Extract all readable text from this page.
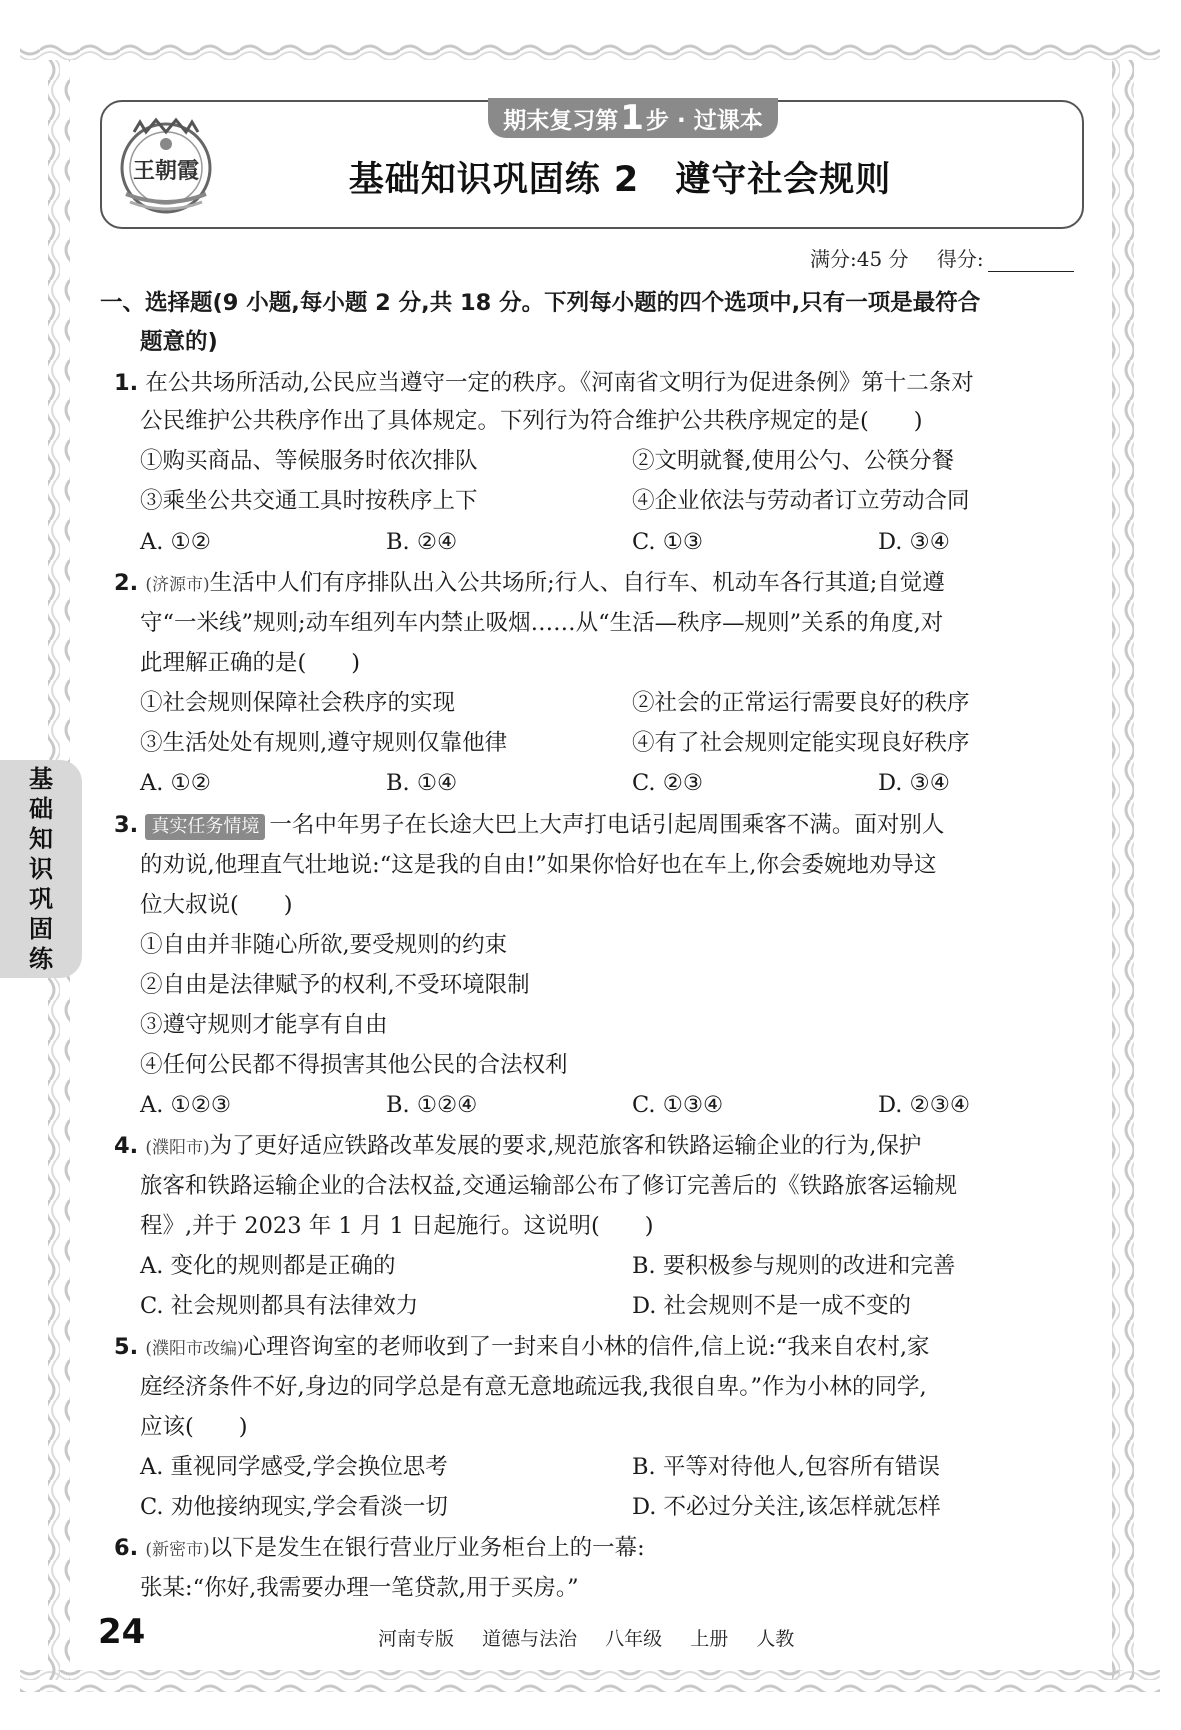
王朝霞
期末复习第 1 步 · 过课本
基础知识巩固练 2　遵守社会规则
满分:45 分 得分:
一、选择题(9 小题,每小题 2 分,共 18 分。下列每小题的四个选项中,只有一项是最符合
题意的)
1. 在公共场所活动,公民应当遵守一定的秩序。《河南省文明行为促进条例》第十二条对
公民维护公共秩序作出了具体规定。下列行为符合维护公共秩序规定的是(　　)
①购买商品、等候服务时依次排队	②文明就餐,使用公勺、公筷分餐
③乘坐公共交通工具时按秩序上下	④企业依法与劳动者订立劳动合同
A. ①②	B. ②④	C. ①③	D. ③④
2. (济源市)生活中人们有序排队出入公共场所;行人、自行车、机动车各行其道;自觉遵
守“一米线”规则;动车组列车内禁止吸烟……从“生活—秩序—规则”关系的角度,对
此理解正确的是(　　)
①社会规则保障社会秩序的实现	②社会的正常运行需要良好的秩序
③生活处处有规则,遵守规则仅靠他律	④有了社会规则定能实现良好秩序
A. ①②	B. ①④	C. ②③	D. ③④
3. 真实任务情境 一名中年男子在长途大巴上大声打电话引起周围乘客不满。面对别人
的劝说,他理直气壮地说:“这是我的自由!”如果你恰好也在车上,你会委婉地劝导这
位大叔说(　　)
①自由并非随心所欲,要受规则的约束
②自由是法律赋予的权利,不受环境限制
③遵守规则才能享有自由
④任何公民都不得损害其他公民的合法权利
A. ①②③	B. ①②④	C. ①③④	D. ②③④
4. (濮阳市)为了更好适应铁路改革发展的要求,规范旅客和铁路运输企业的行为,保护
旅客和铁路运输企业的合法权益,交通运输部公布了修订完善后的《铁路旅客运输规
程》,并于 2023 年 1 月 1 日起施行。这说明(　　)
A. 变化的规则都是正确的	B. 要积极参与规则的改进和完善
C. 社会规则都具有法律效力	D. 社会规则不是一成不变的
5. (濮阳市改编)心理咨询室的老师收到了一封来自小林的信件,信上说:“我来自农村,家
庭经济条件不好,身边的同学总是有意无意地疏远我,我很自卑。”作为小林的同学,
应该(　　)
A. 重视同学感受,学会换位思考	B. 平等对待他人,包容所有错误
C. 劝他接纳现实,学会看淡一切	D. 不必过分关注,该怎样就怎样
6. (新密市)以下是发生在银行营业厅业务柜台上的一幕:
张某:“你好,我需要办理一笔贷款,用于买房。”
基
础
知
识
巩
固
练
24	河南专版 道德与法治 八年级 上册 人教
